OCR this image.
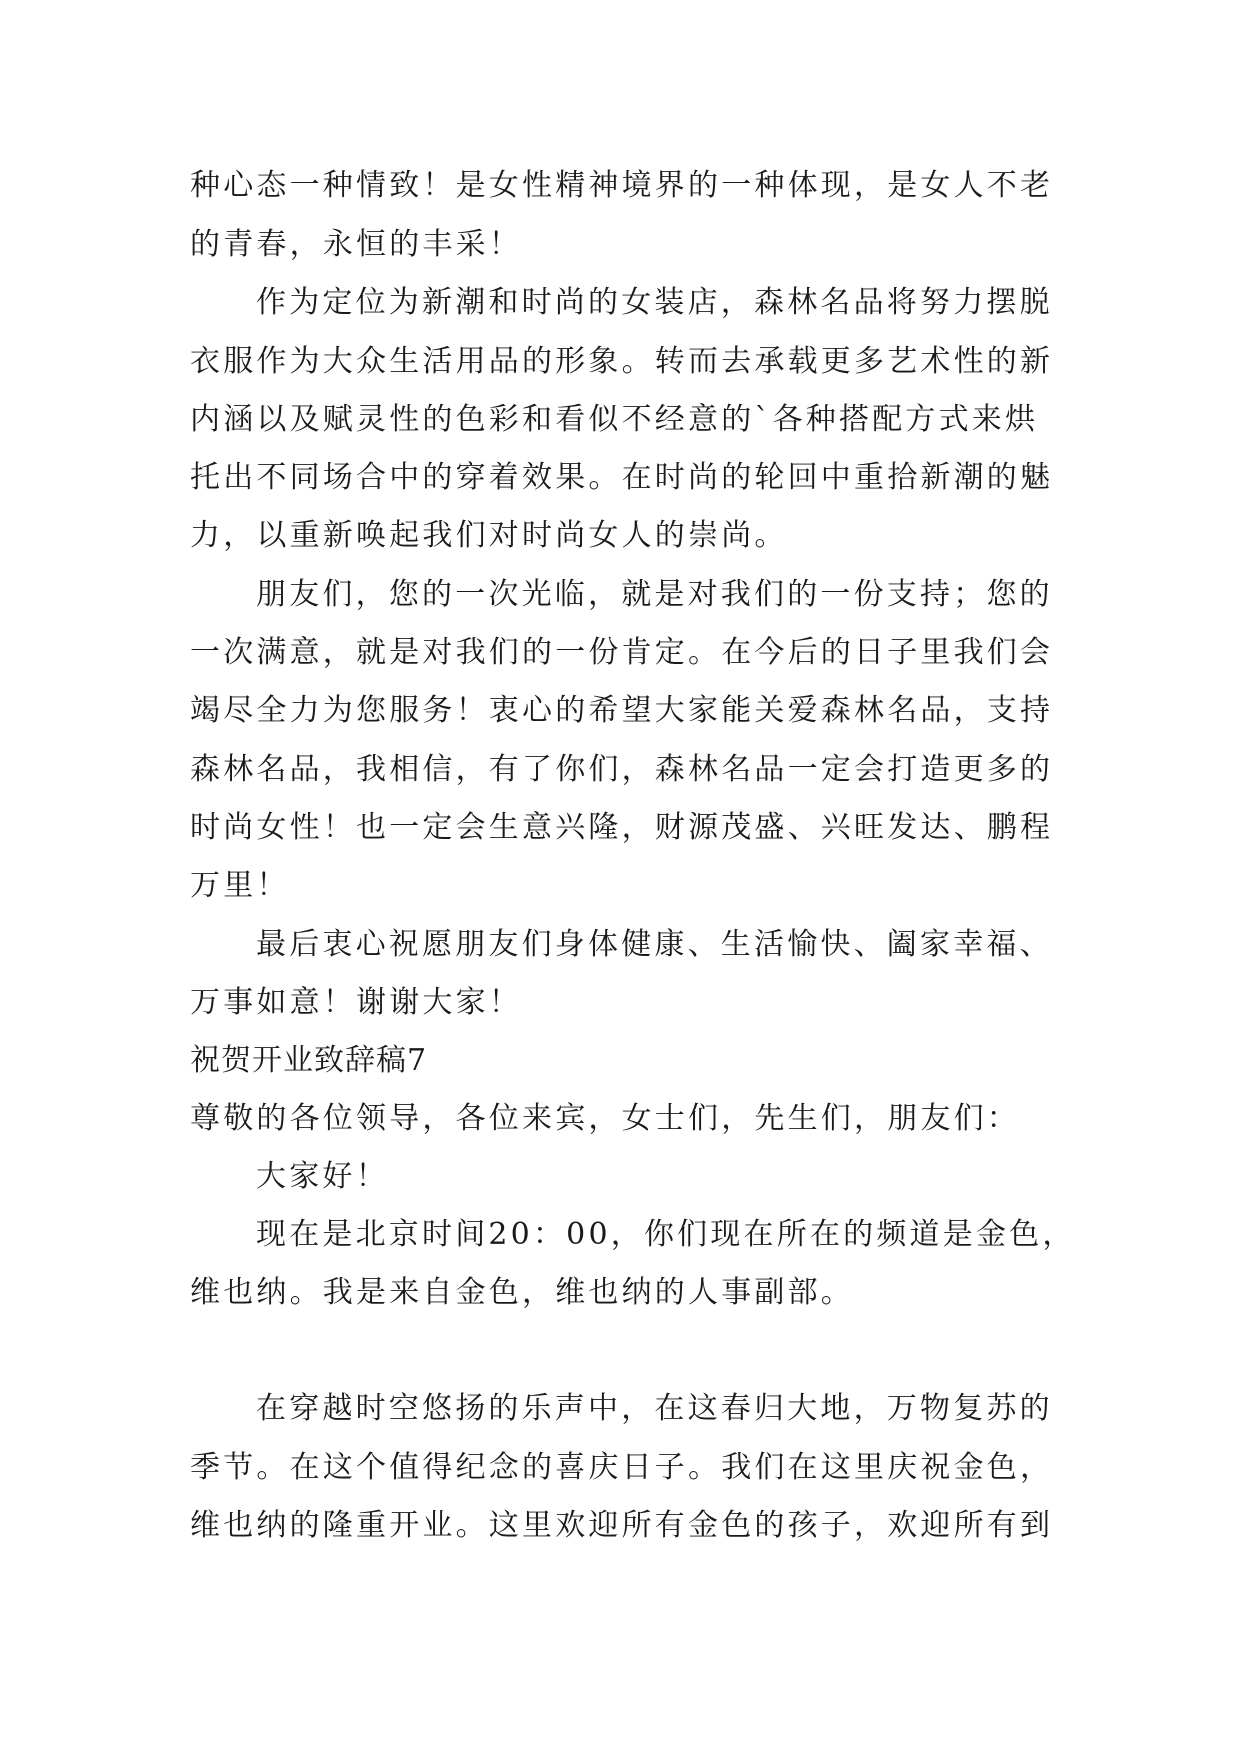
种心态一种情致！是女性精神境界的一种体现，是女人不老
的青春，永恒的丰采！
作为定位为新潮和时尚的女装店，森林名品将努力摆脱
衣服作为大众生活用品的形象。转而去承载更多艺术性的新
内涵以及赋灵性的色彩和看似不经意的`各种搭配方式来烘
托出不同场合中的穿着效果。在时尚的轮回中重拾新潮的魅
力，以重新唤起我们对时尚女人的崇尚。
朋友们，您的一次光临，就是对我们的一份支持；您的
一次满意，就是对我们的一份肯定。在今后的日子里我们会
竭尽全力为您服务！衷心的希望大家能关爱森林名品，支持
森林名品，我相信，有了你们，森林名品一定会打造更多的
时尚女性！也一定会生意兴隆，财源茂盛、兴旺发达、鹏程
万里！
最后衷心祝愿朋友们身体健康、生活愉快、阖家幸福、
万事如意！谢谢大家！
祝贺开业致辞稿7
尊敬的各位领导，各位来宾，女士们，先生们，朋友们：
大家好！
现在是北京时间20：00，你们现在所在的频道是金色，
维也纳。我是来自金色，维也纳的人事副部。
在穿越时空悠扬的乐声中，在这春归大地，万物复苏的
季节。在这个值得纪念的喜庆日子。我们在这里庆祝金色，
维也纳的隆重开业。这里欢迎所有金色的孩子，欢迎所有到
